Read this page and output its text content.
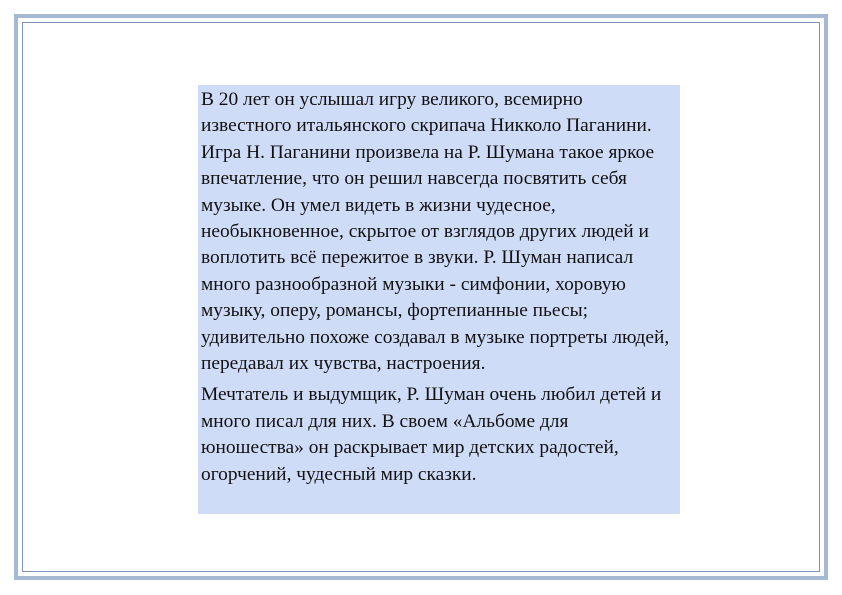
В 20 лет он услышал игру великого, всемирно известного итальянского скрипача Никколо Паганини. Игра Н. Паганини произвела на Р. Шумана такое яркое впечатление, что он решил навсегда посвятить себя музыке. Он умел видеть в жизни чудесное, необыкновенное, скрытое от взглядов других людей и воплотить всё пережитое в звуки. Р. Шуман написал много разнообразной музыки - симфонии, хоровую музыку, оперу, романсы, фортепианные пьесы; удивительно похоже создавал в музыке портреты людей, передавал их чувства, настроения.

Мечтатель и выдумщик, Р. Шуман очень любил детей и много писал для них. В своем «Альбоме для юношества» он раскрывает мир детских радостей, огорчений, чудесный мир сказки.
